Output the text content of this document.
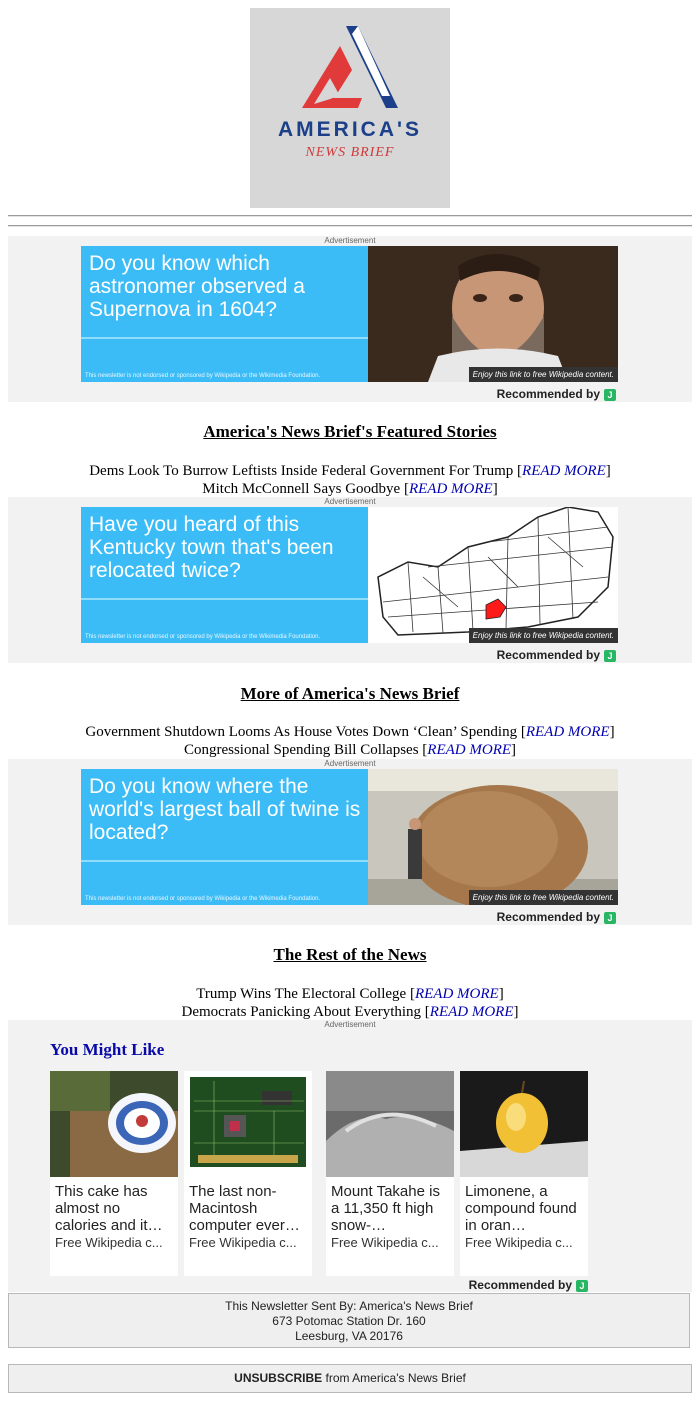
AMERICA'S
NEWS BRIEF
Advertisement
Do you know which astronomer observed a Supernova in 1604?
This newsletter is not endorsed or sponsored by Wikipedia or the Wikimedia Foundation.	Enjoy this link to free Wikipedia content.
Recommended by J
America's News Brief's Featured Stories
Dems Look To Burrow Leftists Inside Federal Government For Trump [READ MORE]
Mitch McConnell Says Goodbye [READ MORE]
Advertisement
Have you heard of this Kentucky town that's been relocated twice?
This newsletter is not endorsed or sponsored by Wikipedia or the Wikimedia Foundation.	Enjoy this link to free Wikipedia content.
Recommended by J
More of America's News Brief
Government Shutdown Looms As House Votes Down ‘Clean’ Spending [READ MORE]
Congressional Spending Bill Collapses [READ MORE]
Advertisement
Do you know where the world's largest ball of twine is located?
This newsletter is not endorsed or sponsored by Wikipedia or the Wikimedia Foundation.	Enjoy this link to free Wikipedia content.
Recommended by J
The Rest of the News
Trump Wins The Electoral College [READ MORE]
Democrats Panicking About Everything [READ MORE]
Advertisement
You Might Like
This cake has almost no calories and it…
Free Wikipedia c...
The last non-Macintosh computer ever…
Free Wikipedia c...
Mount Takahe is a 11,350 ft high snow-…
Free Wikipedia c...
Limonene, a compound found in oran…
Free Wikipedia c...
Recommended by J
This Newsletter Sent By: America's News Brief
673 Potomac Station Dr. 160
Leesburg, VA 20176
UNSUBSCRIBE from America's News Brief
